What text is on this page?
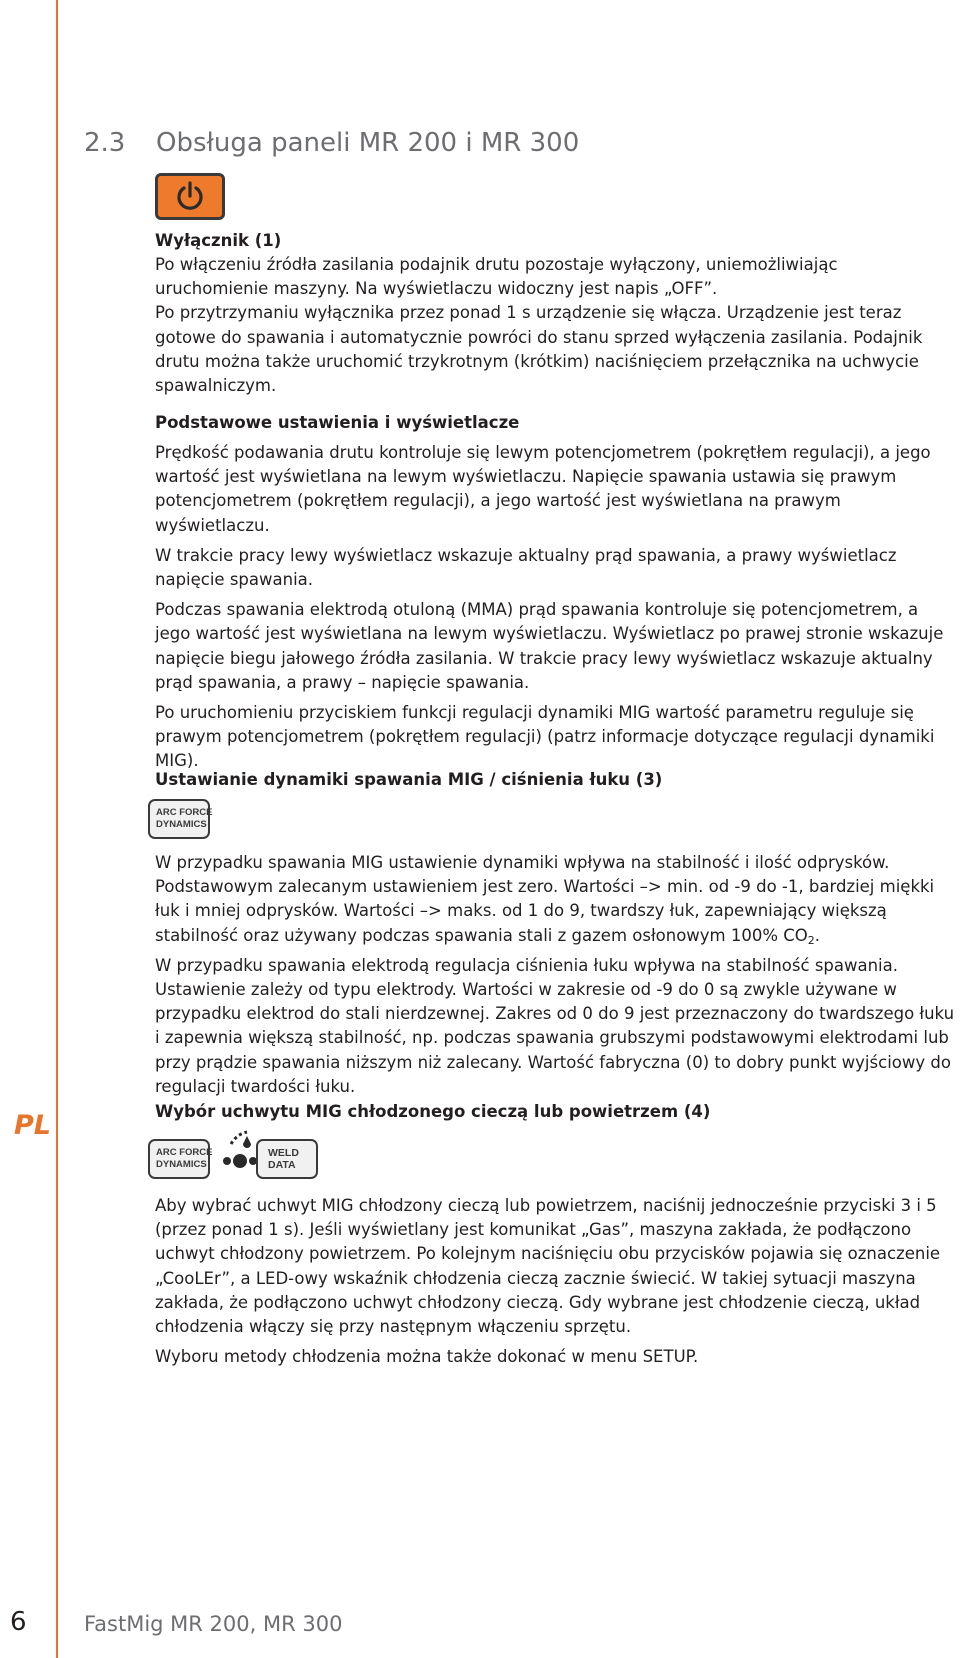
PL
2.3 Obsługa paneli MR 200 i MR 300
Wyłącznik (1)

Po włączeniu źródła zasilania podajnik drutu pozostaje wyłączony, uniemożliwiając uruchomienie maszyny. Na wyświetlaczu widoczny jest napis „OFF”.

Po przytrzymaniu wyłącznika przez ponad 1 s urządzenie się włącza. Urządzenie jest teraz gotowe do spawania i automatycznie powróci do stanu sprzed wyłączenia zasilania. Podajnik drutu można także uruchomić trzykrotnym (krótkim) naciśnięciem przełącznika na uchwycie spawalniczym.

Podstawowe ustawienia i wyświetlacze

Prędkość podawania drutu kontroluje się lewym potencjometrem (pokrętłem regulacji), a jego wartość jest wyświetlana na lewym wyświetlaczu. Napięcie spawania ustawia się prawym potencjometrem (pokrętłem regulacji), a jego wartość jest wyświetlana na prawym wyświetlaczu.

W trakcie pracy lewy wyświetlacz wskazuje aktualny prąd spawania, a prawy wyświetlacz napięcie spawania.

Podczas spawania elektrodą otuloną (MMA) prąd spawania kontroluje się potencjometrem, a jego wartość jest wyświetlana na lewym wyświetlaczu. Wyświetlacz po prawej stronie wskazuje napięcie biegu jałowego źródła zasilania. W trakcie pracy lewy wyświetlacz wskazuje aktualny prąd spawania, a prawy – napięcie spawania.

Po uruchomieniu przyciskiem funkcji regulacji dynamiki MIG wartość parametru reguluje się prawym potencjometrem (pokrętłem regulacji) (patrz informacje dotyczące regulacji dynamiki MIG).

Ustawianie dynamiki spawania MIG / ciśnienia łuku (3)
ARC FORCE
DYNAMICS

W przypadku spawania MIG ustawienie dynamiki wpływa na stabilność i ilość odprysków. Podstawowym zalecanym ustawieniem jest zero. Wartości –> min. od -9 do -1, bardziej miękki łuk i mniej odprysków. Wartości –> maks. od 1 do 9, twardszy łuk, zapewniający większą stabilność oraz używany podczas spawania stali z gazem osłonowym 100% $CO_2$.

W przypadku spawania elektrodą regulacja ciśnienia łuku wpływa na stabilność spawania. Ustawienie zależy od typu elektrody. Wartości w zakresie od -9 do 0 są zwykle używane w przypadku elektrod do stali nierdzewnej. Zakres od 0 do 9 jest przeznaczony do twardszego łuku i zapewnia większą stabilność, np. podczas spawania grubszymi podstawowymi elektrodami lub przy prądzie spawania niższym niż zalecany. Wartość fabryczna (0) to dobry punkt wyjściowy do regulacji twardości łuku.

Wybór uchwytu MIG chłodzonego cieczą lub powietrzem (4)
ARC FORCE
DYNAMICS
WELD
DATA

Aby wybrać uchwyt MIG chłodzony cieczą lub powietrzem, naciśnij jednocześnie przyciski 3 i 5 (przez ponad 1 s). Jeśli wyświetlany jest komunikat „Gas”, maszyna zakłada, że podłączono uchwyt chłodzony powietrzem. Po kolejnym naciśnięciu obu przycisków pojawia się oznaczenie „CooLEr”, a LED-owy wskaźnik chłodzenia cieczą zacznie świecić. W takiej sytuacji maszyna zakłada, że podłączono uchwyt chłodzony cieczą. Gdy wybrane jest chłodzenie cieczą, układ chłodzenia włączy się przy następnym włączeniu sprzętu.

Wyboru metody chłodzenia można także dokonać w menu SETUP.

6	FastMig MR 200, MR 300
